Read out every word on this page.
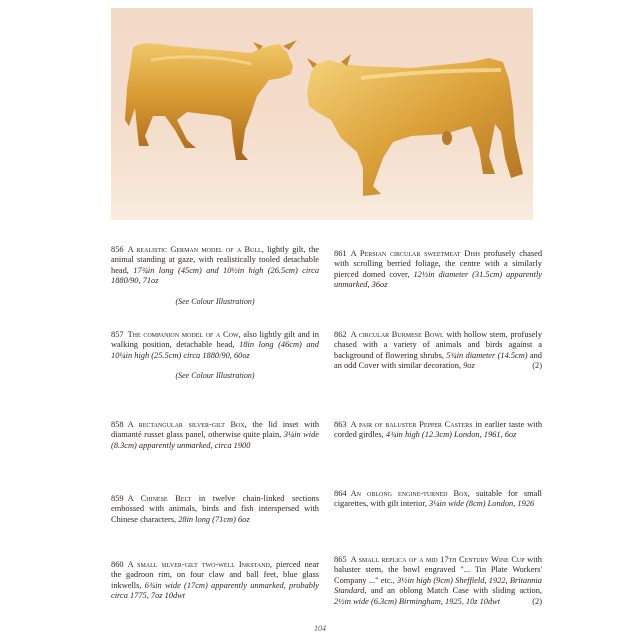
856 A realistic German model of a Bull, lightly gilt, the animal standing at gaze, with realistically tooled detachable head, 17¾in long (45cm) and 10½in high (26.5cm) circa 1880/90, 71oz
(See Colour Illustration)
857 The companion model of a Cow, also lightly gilt and in walking position, detachable head, 18in long (46cm) and 10¼in high (25.5cm) circa 1880/90, 60oz
(See Colour Illustration)
858 A rectangular silver-gilt Box, the lid inset with diamanté russet glass panel, otherwise quite plain, 3¼in wide (8.3cm) apparently unmarked, circa 1900
859 A Chinese Belt in twelve chain-linked sections embossed with animals, birds and fish interspersed with Chinese characters, 28in long (71cm) 6oz
860 A small silver-gilt two-well Inkstand, pierced near the gadroon rim, on four claw and ball feet, blue glass inkwells, 6¾in wide (17cm) apparently unmarked, probably circa 1775, 7oz 10dwt
861 A Persian circular sweetmeat Dish profusely chased with scrolling berried foliage, the centre with a similarly pierced domed cover, 12½in diameter (31.5cm) apparently unmarked, 36oz
862 A circular Burmese Bowl with hollow stem, profusely chased with a variety of animals and birds against a background of flowering shrubs, 5¾in diameter (14.5cm) and an odd Cover with similar decoration, 9oz	(2)
863 A pair of baluster Pepper Casters in earlier taste with corded girdles, 4¾in high (12.3cm) London, 1961, 6oz
864 An oblong engine-turned Box, suitable for small cigarettes, with gilt interior, 3¼in wide (8cm) London, 1926
865 A small replica of a mid 17th Century Wine Cup with baluster stem, the bowl engraved "... Tin Plate Workers' Company ..." etc., 3½in high (9cm) Sheffield, 1922, Britannia Standard, and an oblong Match Case with sliding action, 2½in wide (6.3cm) Birmingham, 1925, 10z 10dwt	(2)
104
